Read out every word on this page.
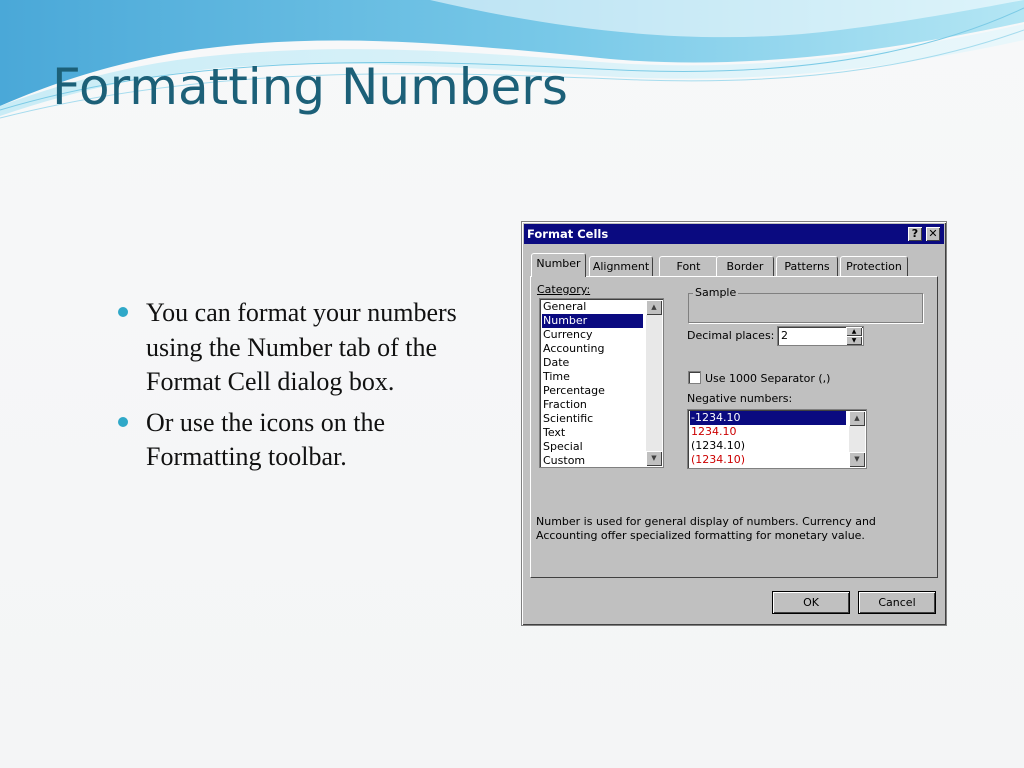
Formatting Numbers
You can format your numbers using the Number tab of the Format Cell dialog box.
Or use the icons on the Formatting toolbar.
Format Cells	? ✕
Number	Alignment	Font	Border	Patterns	Protection
Category:
General
Number
Currency
Accounting
Date
Time
Percentage
Fraction
Scientific
Text
Special
Custom
▲
▼
Sample
Decimal places: 2	▲
▼
Use 1000 Separator (,)
Negative numbers:
-1234.10
1234.10
(1234.10)
(1234.10)
▲
▼
Number is used for general display of numbers. Currency and Accounting offer specialized formatting for monetary value.
OK	Cancel
